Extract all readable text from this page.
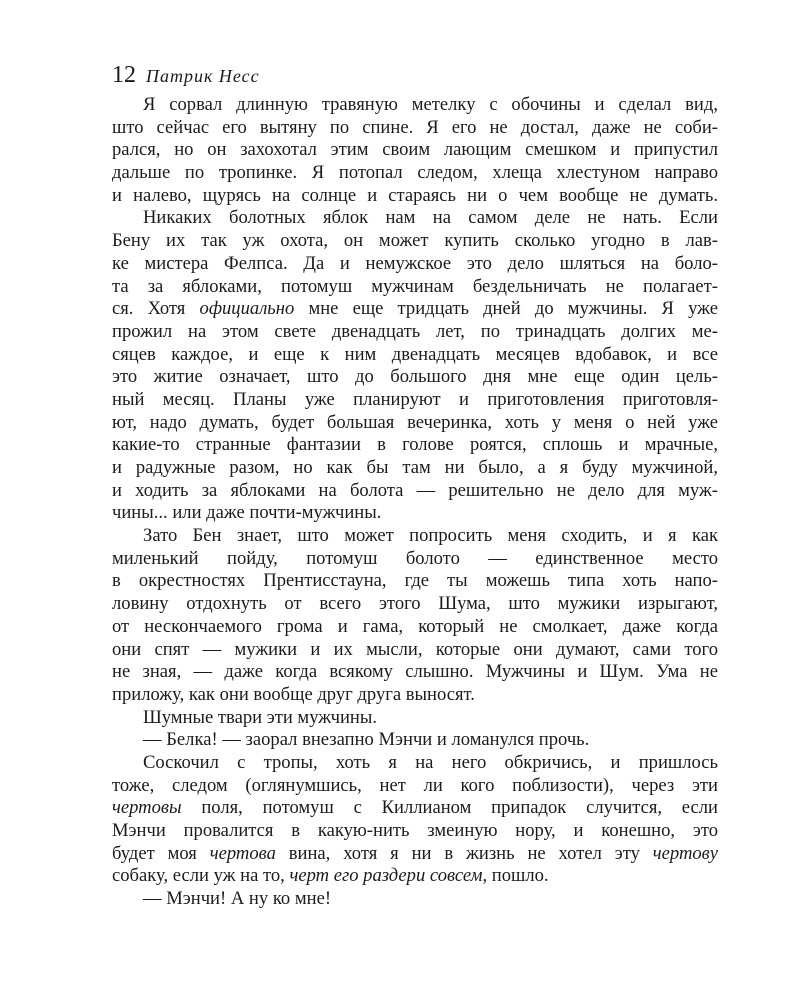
12 Патрик Несс
Я сорвал длинную травяную метелку с обочины и сделал вид,
што сейчас его вытяну по спине. Я его не достал, даже не соби-
рался, но он захохотал этим своим лающим смешком и припустил
дальше по тропинке. Я потопал следом, хлеща хлестуном направо
и налево, щурясь на солнце и стараясь ни о чем вообще не думать.
Никаких болотных яблок нам на самом деле не нать. Если
Бену их так уж охота, он может купить сколько угодно в лав-
ке мистера Фелпса. Да и немужское это дело шляться на боло-
та за яблоками, потомуш мужчинам бездельничать не полагает-
ся. Хотя официально мне еще тридцать дней до мужчины. Я уже
прожил на этом свете двенадцать лет, по тринадцать долгих ме-
сяцев каждое, и еще к ним двенадцать месяцев вдобавок, и все
это житие означает, што до большого дня мне еще один цель-
ный месяц. Планы уже планируют и приготовления приготовля-
ют, надо думать, будет большая вечеринка, хоть у меня о ней уже
какие-то странные фантазии в голове роятся, сплошь и мрачные,
и радужные разом, но как бы там ни было, а я буду мужчиной,
и ходить за яблоками на болота — решительно не дело для муж-
чины... или даже почти-мужчины.
Зато Бен знает, што может попросить меня сходить, и я как
миленький пойду, потомуш болото — единственное место
в окрестностях Прентисстауна, где ты можешь типа хоть напо-
ловину отдохнуть от всего этого Шума, што мужики изрыгают,
от нескончаемого грома и гама, который не смолкает, даже когда
они спят — мужики и их мысли, которые они думают, сами того
не зная, — даже когда всякому слышно. Мужчины и Шум. Ума не
приложу, как они вообще друг друга выносят.
Шумные твари эти мужчины.
— Белка! — заорал внезапно Мэнчи и ломанулся прочь.
Соскочил с тропы, хоть я на него обкричись, и пришлось
тоже, следом (оглянумшись, нет ли кого поблизости), через эти
чертовы поля, потомуш с Киллианом припадок случится, если
Мэнчи провалится в какую-нить змеиную нору, и конешно, это
будет моя чертова вина, хотя я ни в жизнь не хотел эту чертову
собаку, если уж на то, черт его раздери совсем, пошло.
— Мэнчи! А ну ко мне!
